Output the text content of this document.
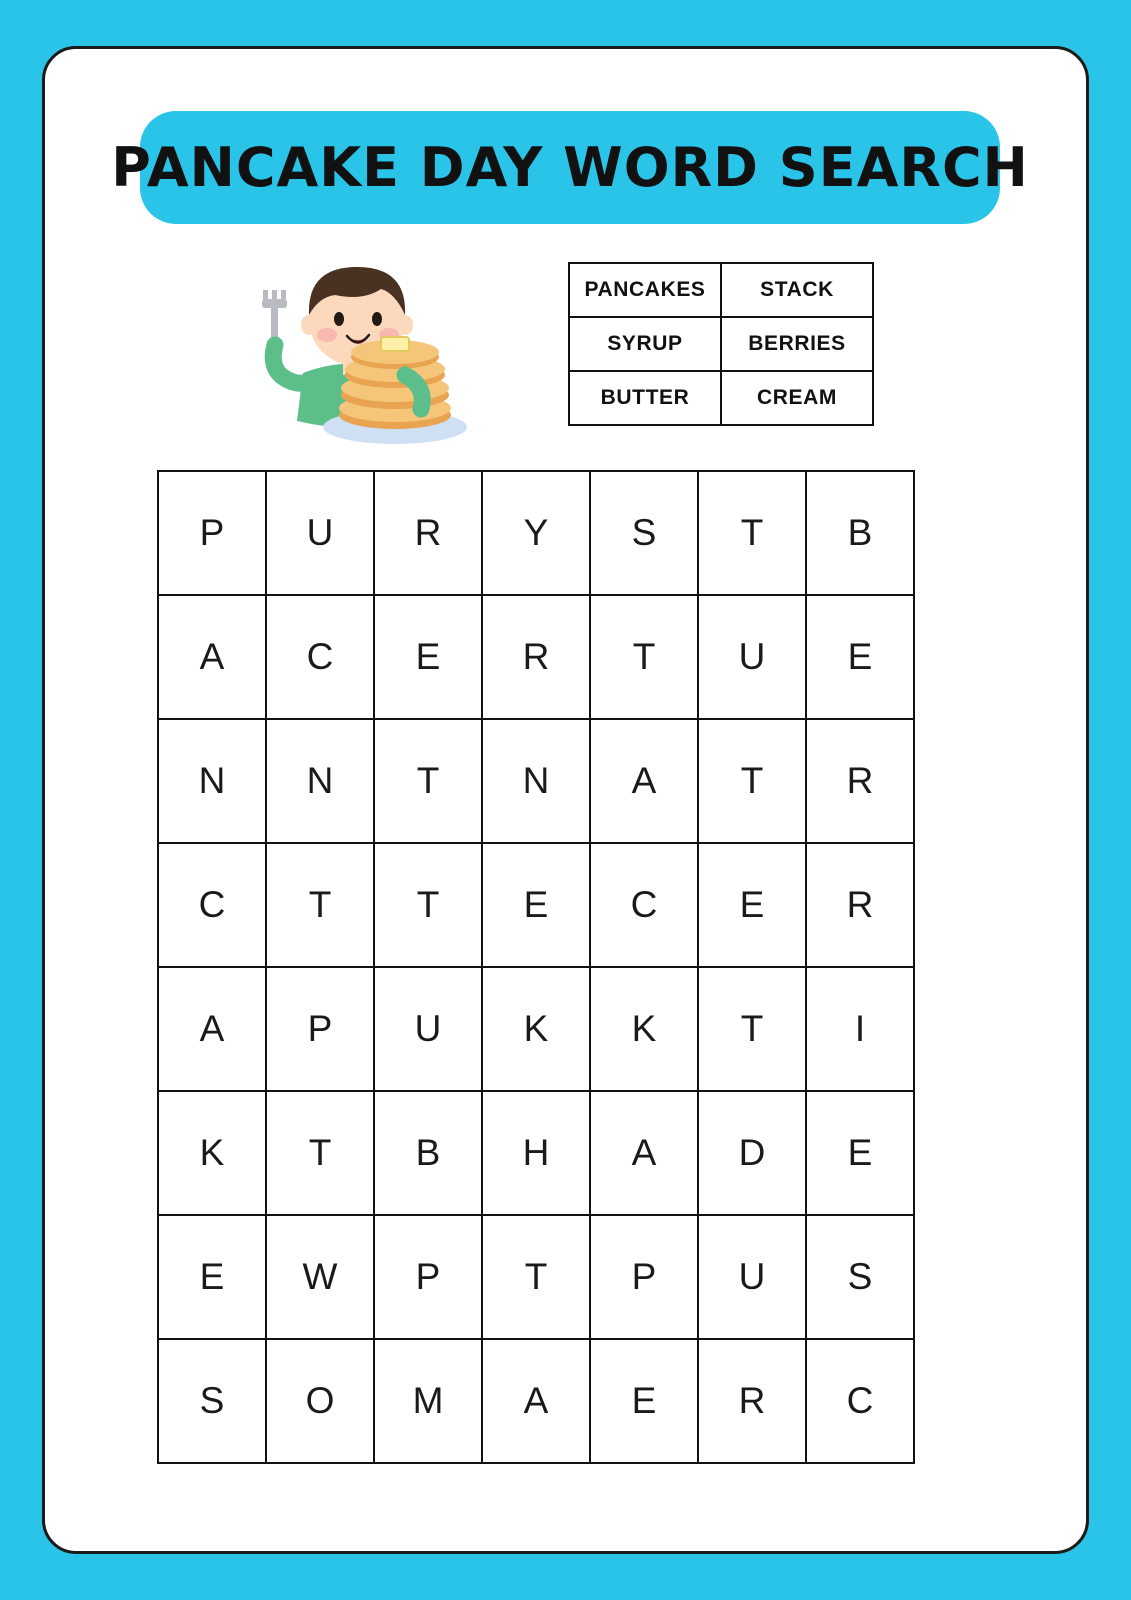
PANCAKE DAY WORD SEARCH
PANCAKES	STACK
SYRUP	BERRIES
BUTTER	CREAM
P	U	R	Y	S	T	B
A	C	E	R	T	U	E
N	N	T	N	A	T	R
C	T	T	E	C	E	R
A	P	U	K	K	T	I
K	T	B	H	A	D	E
E	W	P	T	P	U	S
S	O	M	A	E	R	C
